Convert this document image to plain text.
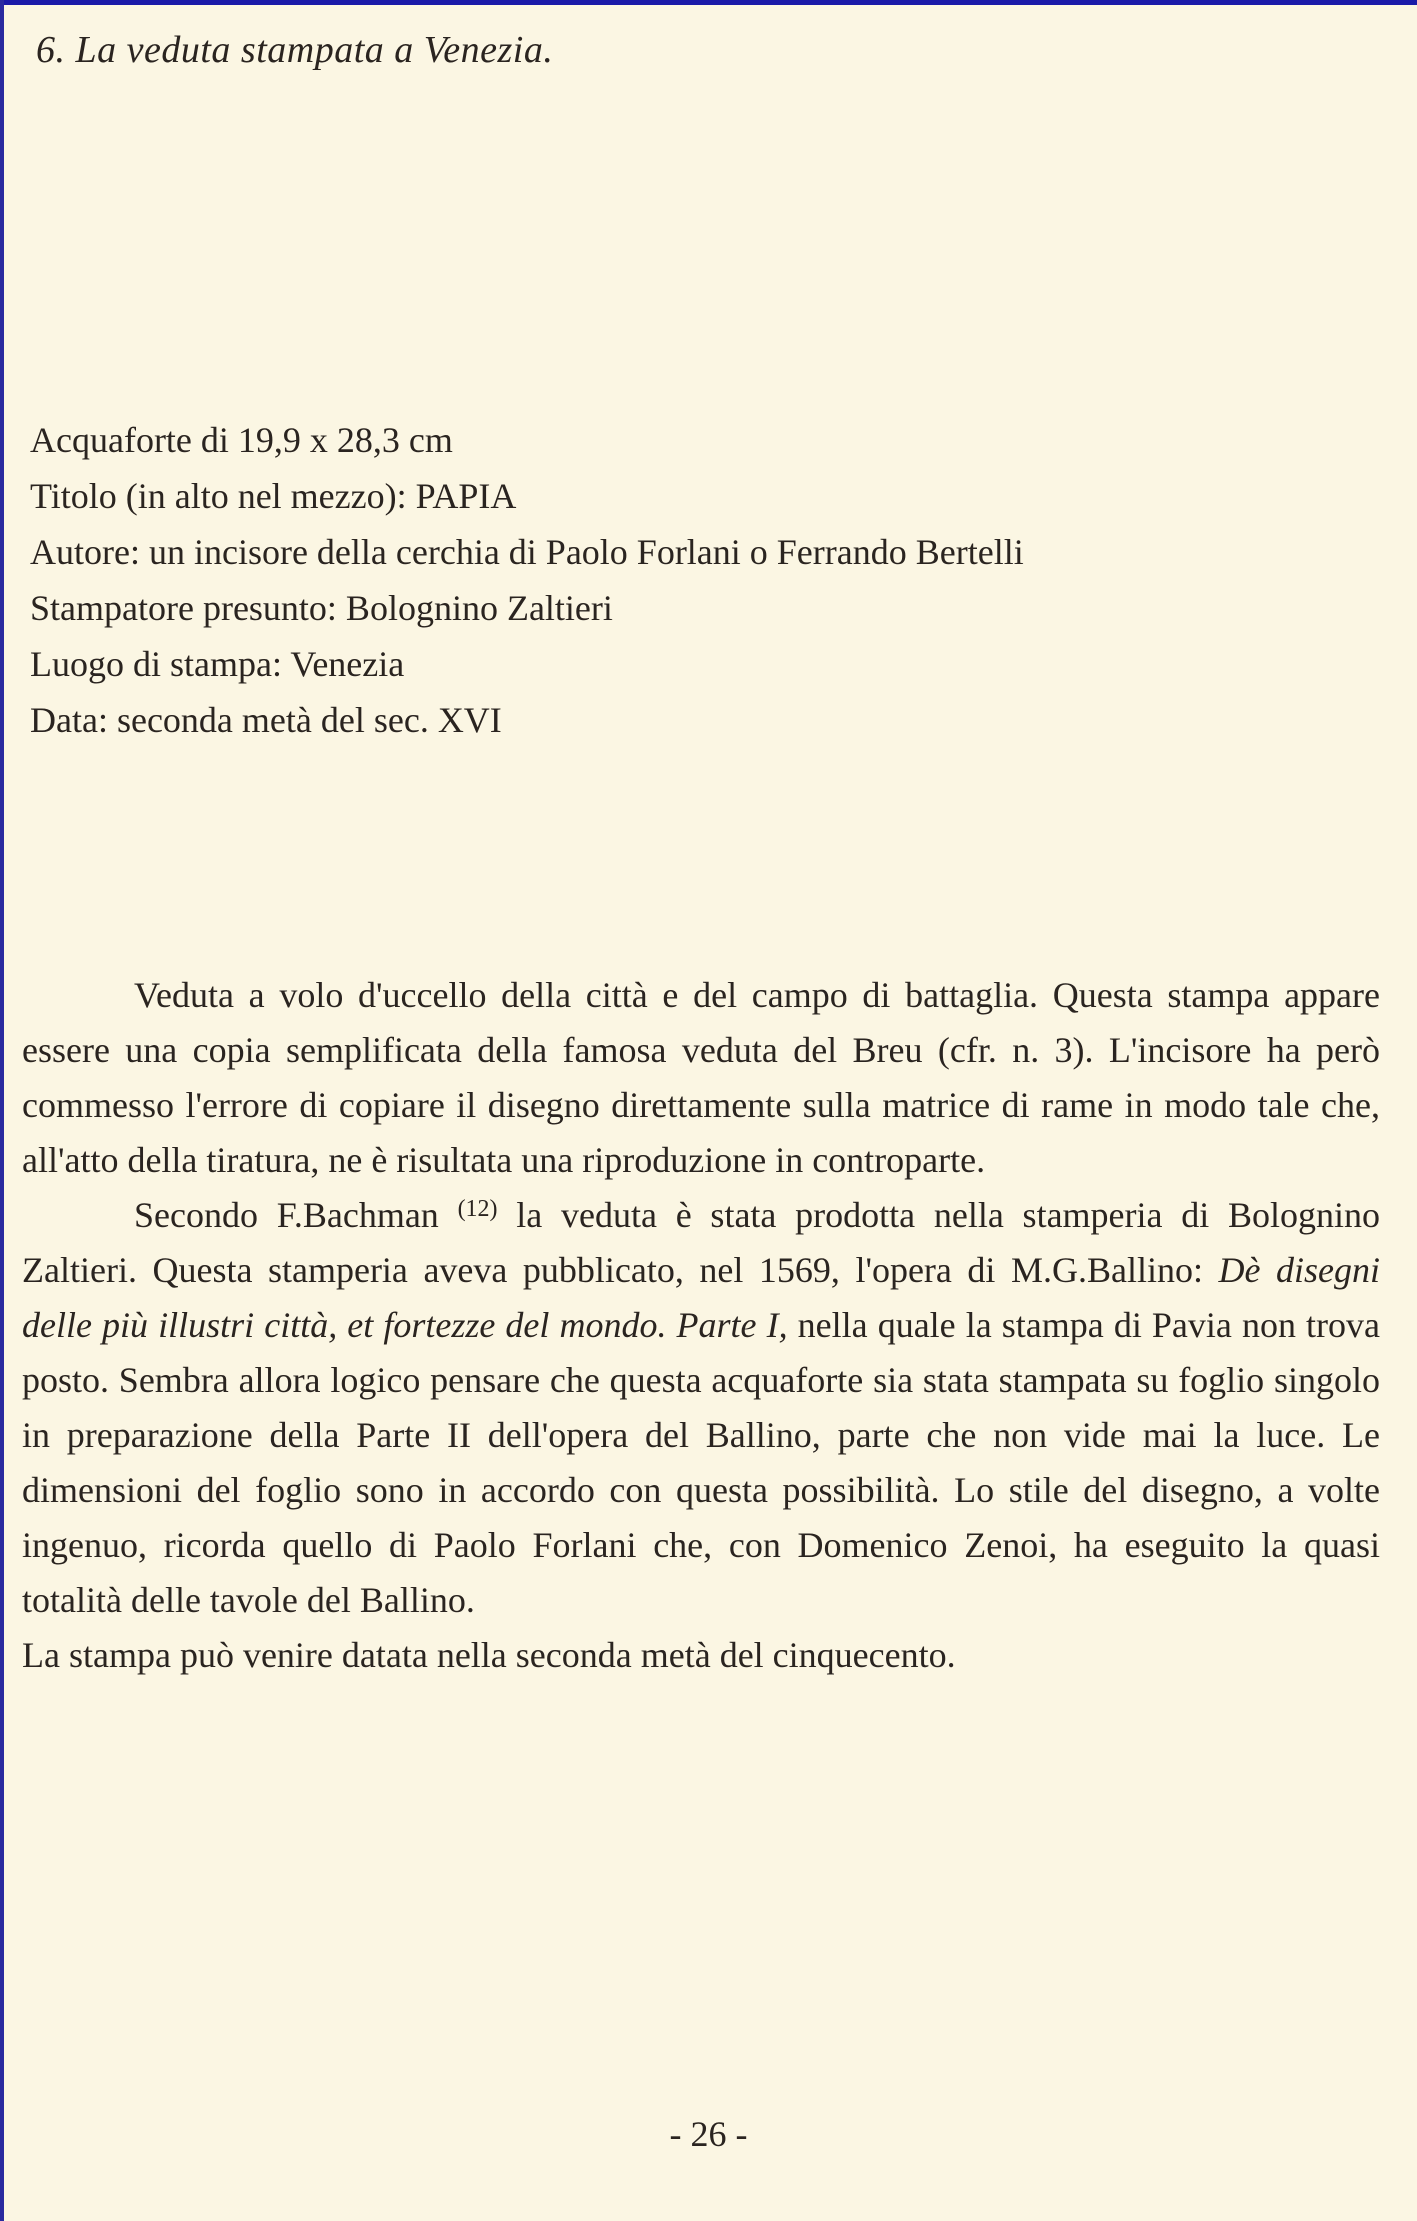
6. La veduta stampata a Venezia.
Acquaforte di 19,9 x 28,3 cm
Titolo (in alto nel mezzo): PAPIA
Autore: un incisore della cerchia di Paolo Forlani o Ferrando Bertelli
Stampatore presunto: Bolognino Zaltieri
Luogo di stampa: Venezia
Data: seconda metà del sec. XVI

Veduta a volo d'uccello della città e del campo di battaglia. Questa stampa appare essere una copia semplificata della famosa veduta del Breu (cfr. n. 3). L'incisore ha però commesso l'errore di copiare il disegno direttamente sulla matrice di rame in modo tale che, all'atto della tiratura, ne è risultata una riproduzione in controparte.

Secondo F.Bachman $^{(12)}$ la veduta è stata prodotta nella stamperia di Bolognino Zaltieri. Questa stamperia aveva pubblicato, nel 1569, l'opera di M.G.Ballino: Dè disegni delle più illustri città, et fortezze del mondo. Parte I, nella quale la stampa di Pavia non trova posto. Sembra allora logico pensare che questa acquaforte sia stata stampata su foglio singolo in preparazione della Parte II dell'opera del Ballino, parte che non vide mai la luce. Le dimensioni del foglio sono in accordo con questa possibilità. Lo stile del disegno, a volte ingenuo, ricorda quello di Paolo Forlani che, con Domenico Zenoi, ha eseguito la quasi totalità delle tavole del Ballino.

La stampa può venire datata nella seconda metà del cinquecento.

- 26 -
